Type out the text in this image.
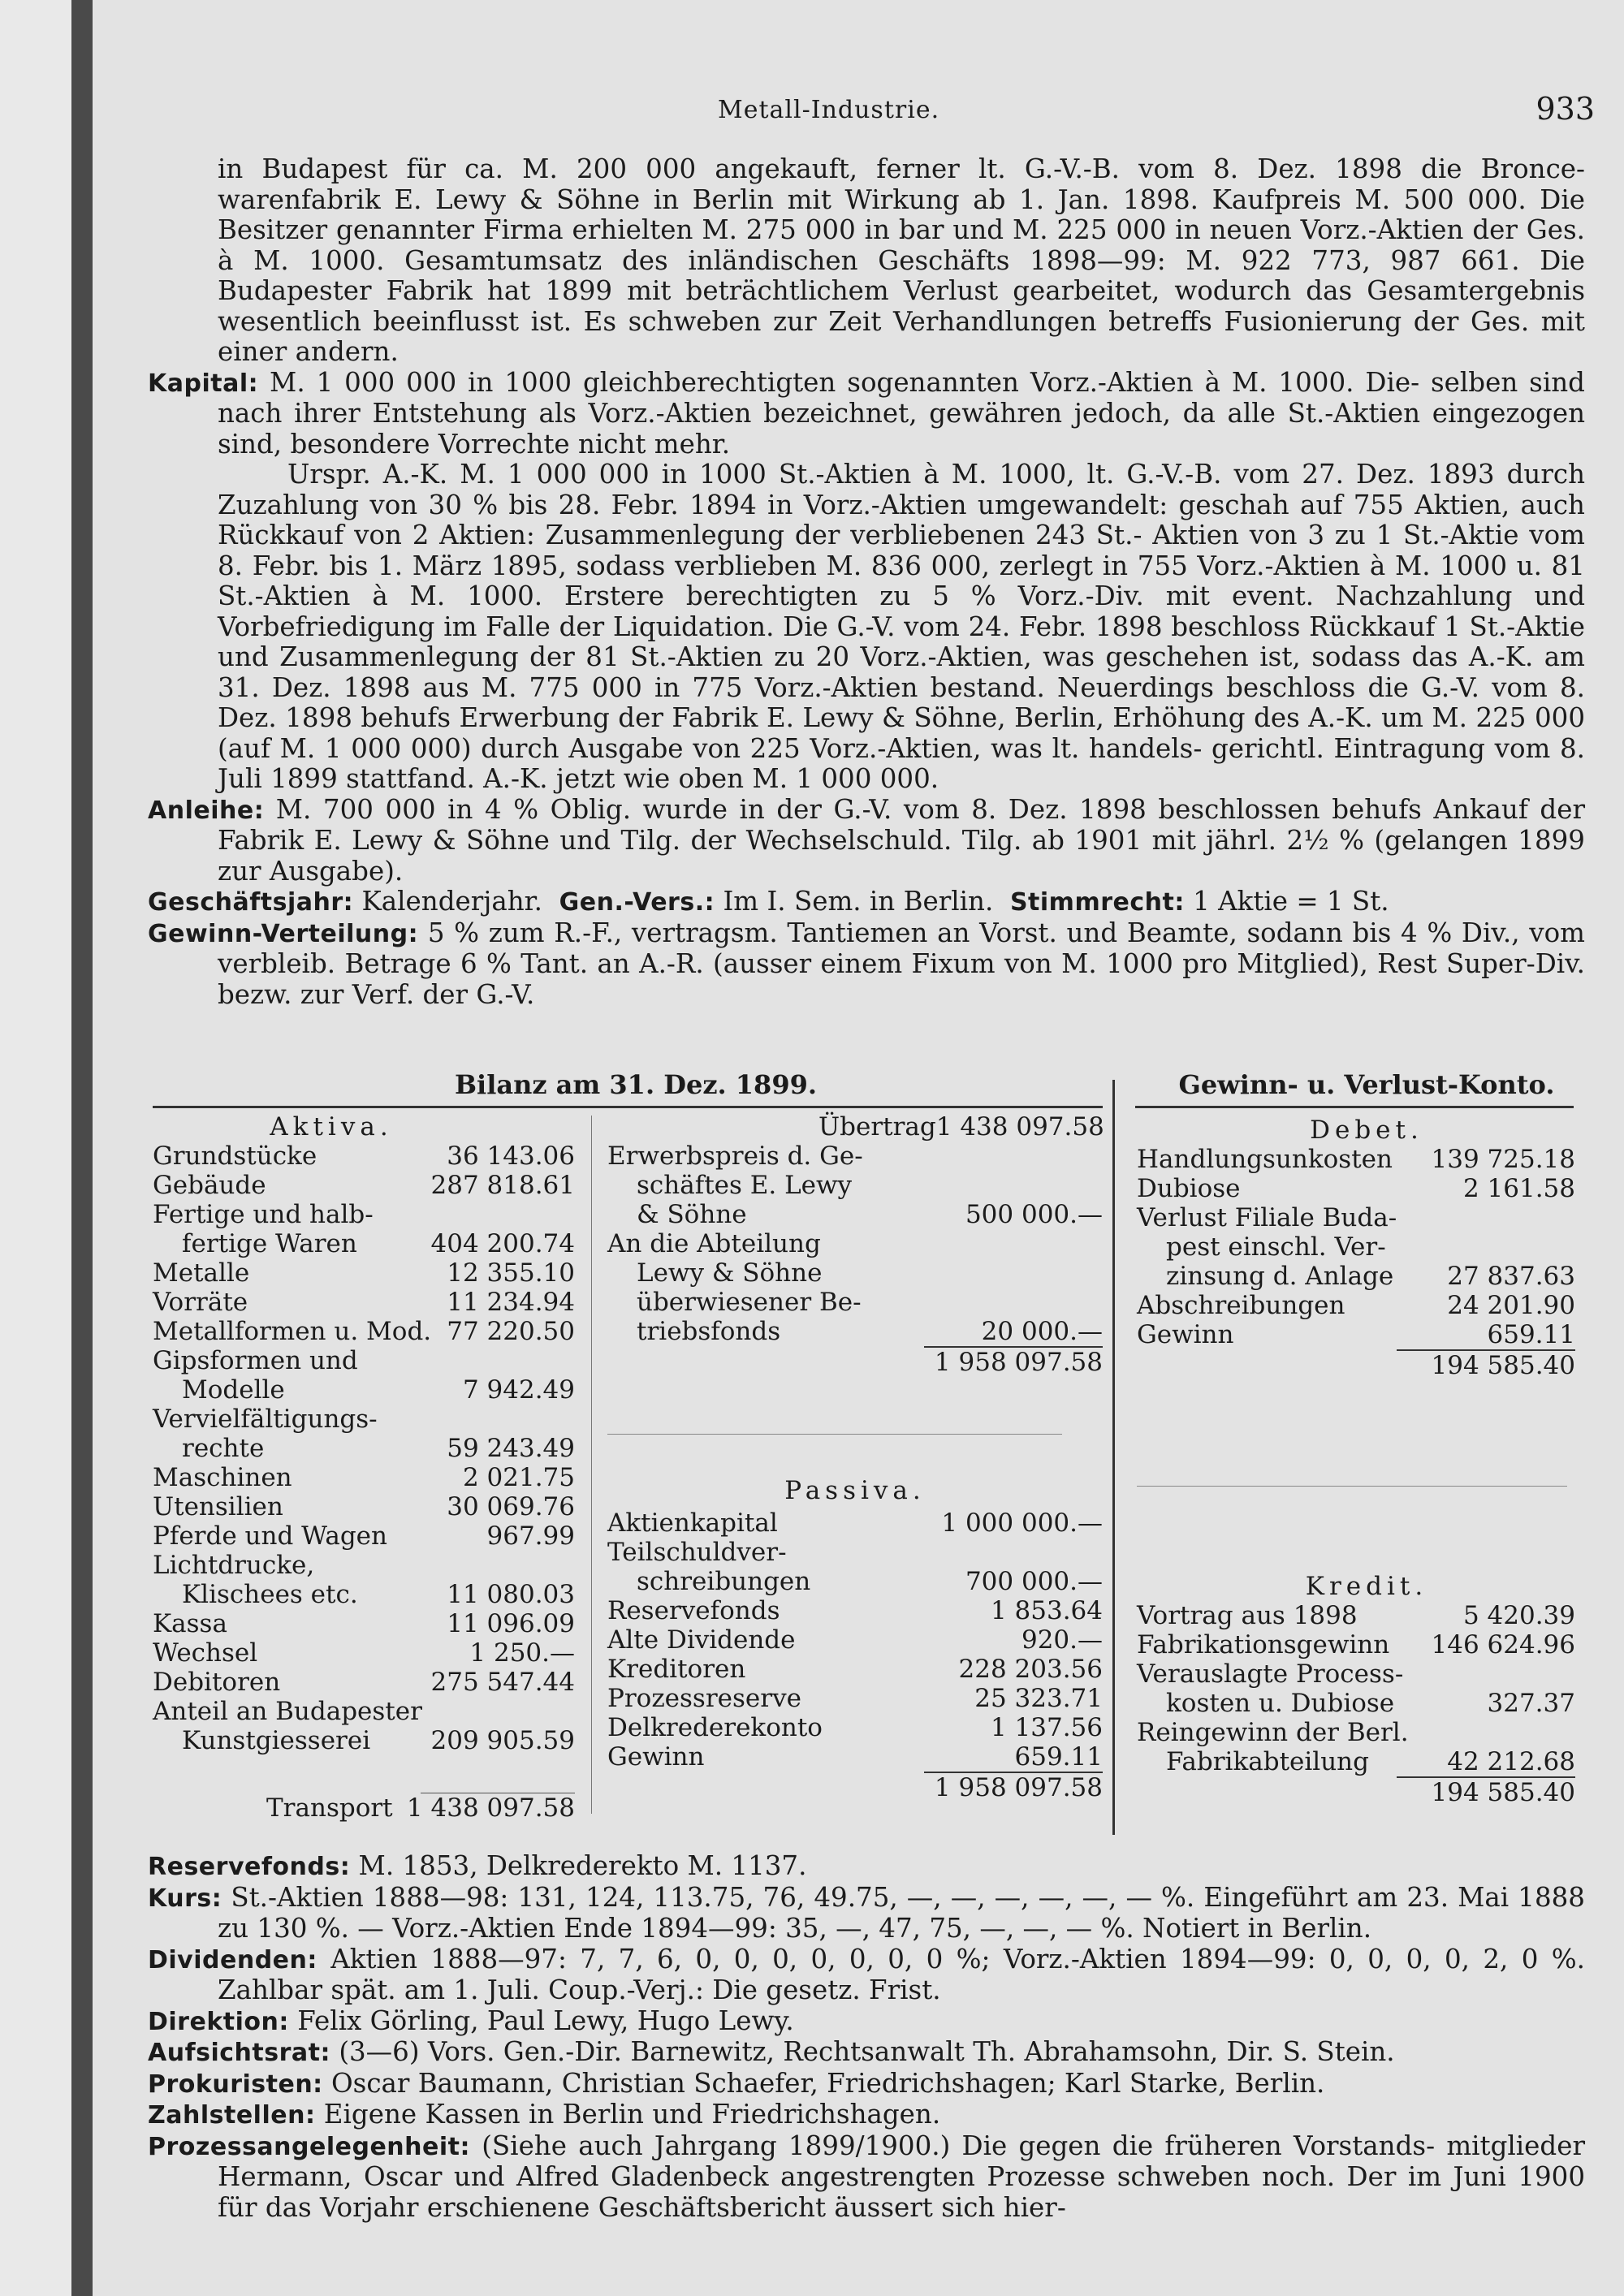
Metall-Industrie.	933
in Budapest für ca. M. 200 000 angekauft, ferner lt. G.-V.-B. vom 8. Dez. 1898 die Bronce- warenfabrik E. Lewy & Söhne in Berlin mit Wirkung ab 1. Jan. 1898. Kaufpreis M. 500 000. Die Besitzer genannter Firma erhielten M. 275 000 in bar und M. 225 000 in neuen Vorz.-Aktien der Ges. à M. 1000. Gesamtumsatz des inländischen Geschäfts 1898—99: M. 922 773, 987 661. Die Budapester Fabrik hat 1899 mit beträchtlichem Verlust gearbeitet, wodurch das Gesamtergebnis wesentlich beeinflusst ist. Es schweben zur Zeit Verhandlungen betreffs Fusionierung der Ges. mit einer andern.
Kapital: M. 1 000 000 in 1000 gleichberechtigten sogenannten Vorz.-Aktien à M. 1000. Die- selben sind nach ihrer Entstehung als Vorz.-Aktien bezeichnet, gewähren jedoch, da alle St.-Aktien eingezogen sind, besondere Vorrechte nicht mehr.
Urspr. A.-K. M. 1 000 000 in 1000 St.-Aktien à M. 1000, lt. G.-V.-B. vom 27. Dez. 1893 durch Zuzahlung von 30 % bis 28. Febr. 1894 in Vorz.-Aktien umgewandelt: geschah auf 755 Aktien, auch Rückkauf von 2 Aktien: Zusammenlegung der verbliebenen 243 St.- Aktien von 3 zu 1 St.-Aktie vom 8. Febr. bis 1. März 1895, sodass verblieben M. 836 000, zerlegt in 755 Vorz.-Aktien à M. 1000 u. 81 St.-Aktien à M. 1000. Erstere berechtigten zu 5 % Vorz.-Div. mit event. Nachzahlung und Vorbefriedigung im Falle der Liquidation. Die G.-V. vom 24. Febr. 1898 beschloss Rückkauf 1 St.-Aktie und Zusammenlegung der 81 St.-Aktien zu 20 Vorz.-Aktien, was geschehen ist, sodass das A.-K. am 31. Dez. 1898 aus M. 775 000 in 775 Vorz.-Aktien bestand. Neuerdings beschloss die G.-V. vom 8. Dez. 1898 behufs Erwerbung der Fabrik E. Lewy & Söhne, Berlin, Erhöhung des A.-K. um M. 225 000 (auf M. 1 000 000) durch Ausgabe von 225 Vorz.-Aktien, was lt. handels- gerichtl. Eintragung vom 8. Juli 1899 stattfand. A.-K. jetzt wie oben M. 1 000 000.
Anleihe: M. 700 000 in 4 % Oblig. wurde in der G.-V. vom 8. Dez. 1898 beschlossen behufs Ankauf der Fabrik E. Lewy & Söhne und Tilg. der Wechselschuld. Tilg. ab 1901 mit jährl. 2½ % (gelangen 1899 zur Ausgabe).
Geschäftsjahr: Kalenderjahr. Gen.-Vers.: Im I. Sem. in Berlin. Stimmrecht: 1 Aktie = 1 St.
Gewinn-Verteilung: 5 % zum R.-F., vertragsm. Tantiemen an Vorst. und Beamte, sodann bis 4 % Div., vom verbleib. Betrage 6 % Tant. an A.-R. (ausser einem Fixum von M. 1000 pro Mitglied), Rest Super-Div. bezw. zur Verf. der G.-V.
Bilanz am 31. Dez. 1899.	Gewinn- u. Verlust-Konto.
Aktiva.
Grundstücke	36 143.06
Gebäude	287 818.61
Fertige und halb-
fertige Waren	404 200.74
Metalle	12 355.10
Vorräte	11 234.94
Metallformen u. Mod. 77 220.50
Gipsformen und
Modelle	7 942.49
Vervielfältigungs-
rechte	59 243.49
Maschinen	2 021.75
Utensilien	30 069.76
Pferde und Wagen	967.99
Lichtdrucke,
Klischees etc.	11 080.03
Kassa	11 096.09
Wechsel	1 250.—
Debitoren	275 547.44
Anteil an Budapester
Kunstgiesserei 209 905.59
Transport 1 438 097.58
Übertrag 1 438 097.58
Erwerbspreis d. Ge-
schäftes E. Lewy
& Söhne	500 000.—
An die Abteilung
Lewy & Söhne
überwiesener Be-
triebsfonds	20 000.—
1 958 097.58
Passiva.
Aktienkapital	1 000 000.—
Teilschuldver-
schreibungen	700 000.—
Reservefonds	1 853.64
Alte Dividende	920.—
Kreditoren	228 203.56
Prozessreserve	25 323.71
Delkrederekonto	1 137.56
Gewinn	659.11
1 958 097.58
Debet.
Handlungsunkosten 139 725.18
Dubiose	2 161.58
Verlust Filiale Buda-
pest einschl. Ver-
zinsung d. Anlage 27 837.63
Abschreibungen	24 201.90
Gewinn	659.11
194 585.40
Kredit.
Vortrag aus 1898	5 420.39
Fabrikationsgewinn 146 624.96
Verauslagte Process-
kosten u. Dubiose	327.37
Reingewinn der Berl.
Fabrikabteilung	42 212.68
194 585.40
Reservefonds: M. 1853, Delkrederekto M. 1137.
Kurs: St.-Aktien 1888—98: 131, 124, 113.75, 76, 49.75, —, —, —, —, —, — %. Eingeführt am 23. Mai 1888 zu 130 %. — Vorz.-Aktien Ende 1894—99: 35, —, 47, 75, —, —, — %. Notiert in Berlin.
Dividenden: Aktien 1888—97: 7, 7, 6, 0, 0, 0, 0, 0, 0, 0 %; Vorz.-Aktien 1894—99: 0, 0, 0, 0, 2, 0 %. Zahlbar spät. am 1. Juli. Coup.-Verj.: Die gesetz. Frist.
Direktion: Felix Görling, Paul Lewy, Hugo Lewy.
Aufsichtsrat: (3—6) Vors. Gen.-Dir. Barnewitz, Rechtsanwalt Th. Abrahamsohn, Dir. S. Stein.
Prokuristen: Oscar Baumann, Christian Schaefer, Friedrichshagen; Karl Starke, Berlin.
Zahlstellen: Eigene Kassen in Berlin und Friedrichshagen.
Prozessangelegenheit: (Siehe auch Jahrgang 1899/1900.) Die gegen die früheren Vorstands- mitglieder Hermann, Oscar und Alfred Gladenbeck angestrengten Prozesse schweben noch. Der im Juni 1900 für das Vorjahr erschienene Geschäftsbericht äussert sich hier-
